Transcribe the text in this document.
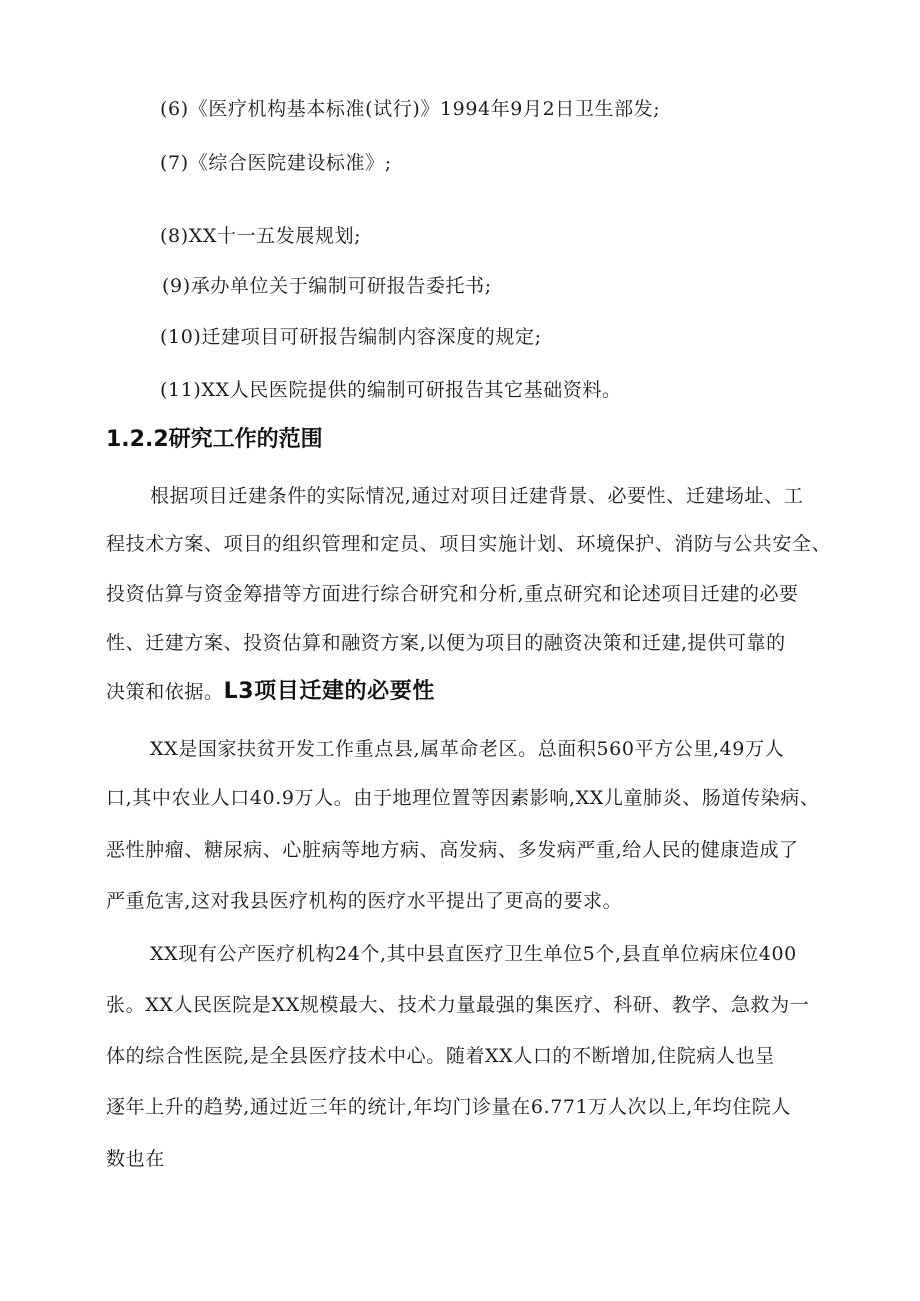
(6)《医疗机构基本标准(试行)》1994年9月2日卫生部发;
(7)《综合医院建设标准》;
(8)XX十一五发展规划;
(9)承办单位关于编制可研报告委托书;
(10)迁建项目可研报告编制内容深度的规定;
(11)XX人民医院提供的编制可研报告其它基础资料。
1.2.2研究工作的范围
根据项目迁建条件的实际情况,通过对项目迁建背景、必要性、迁建场址、工
程技术方案、项目的组织管理和定员、项目实施计划、环境保护、消防与公共安全、
投资估算与资金筹措等方面进行综合研究和分析,重点研究和论述项目迁建的必要
性、迁建方案、投资估算和融资方案,以便为项目的融资决策和迁建,提供可靠的
决策和依据。L3项目迁建的必要性
XX是国家扶贫开发工作重点县,属革命老区。总面积560平方公里,49万人
口,其中农业人口40.9万人。由于地理位置等因素影响,XX儿童肺炎、肠道传染病、
恶性肿瘤、糖尿病、心脏病等地方病、高发病、多发病严重,给人民的健康造成了
严重危害,这对我县医疗机构的医疗水平提出了更高的要求。
XX现有公产医疗机构24个,其中县直医疗卫生单位5个,县直单位病床位400
张。XX人民医院是XX规模最大、技术力量最强的集医疗、科研、教学、急救为一
体的综合性医院,是全县医疗技术中心。随着XX人口的不断增加,住院病人也呈
逐年上升的趋势,通过近三年的统计,年均门诊量在6.771万人次以上,年均住院人
数也在
